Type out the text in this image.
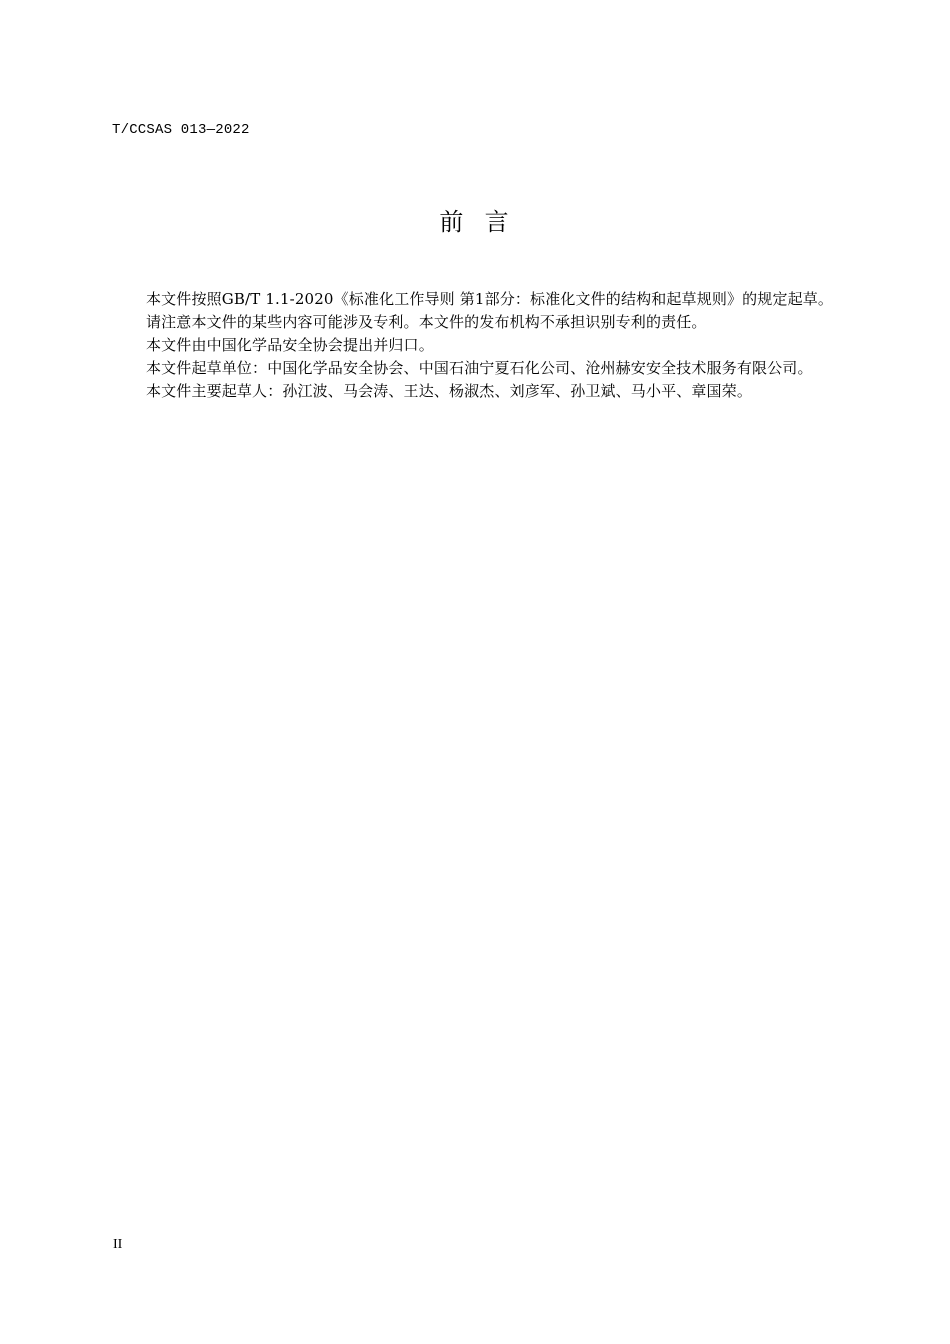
T/CCSAS 013—2022
前  言

本文件按照GB/T 1.1-2020《标准化工作导则 第1部分：标准化文件的结构和起草规则》的规定起草。

请注意本文件的某些内容可能涉及专利。本文件的发布机构不承担识别专利的责任。

本文件由中国化学品安全协会提出并归口。

本文件起草单位：中国化学品安全协会、中国石油宁夏石化公司、沧州赫安安全技术服务有限公司。

本文件主要起草人：孙江波、马会涛、王达、杨淑杰、刘彦军、孙卫斌、马小平、章国荣。

II
